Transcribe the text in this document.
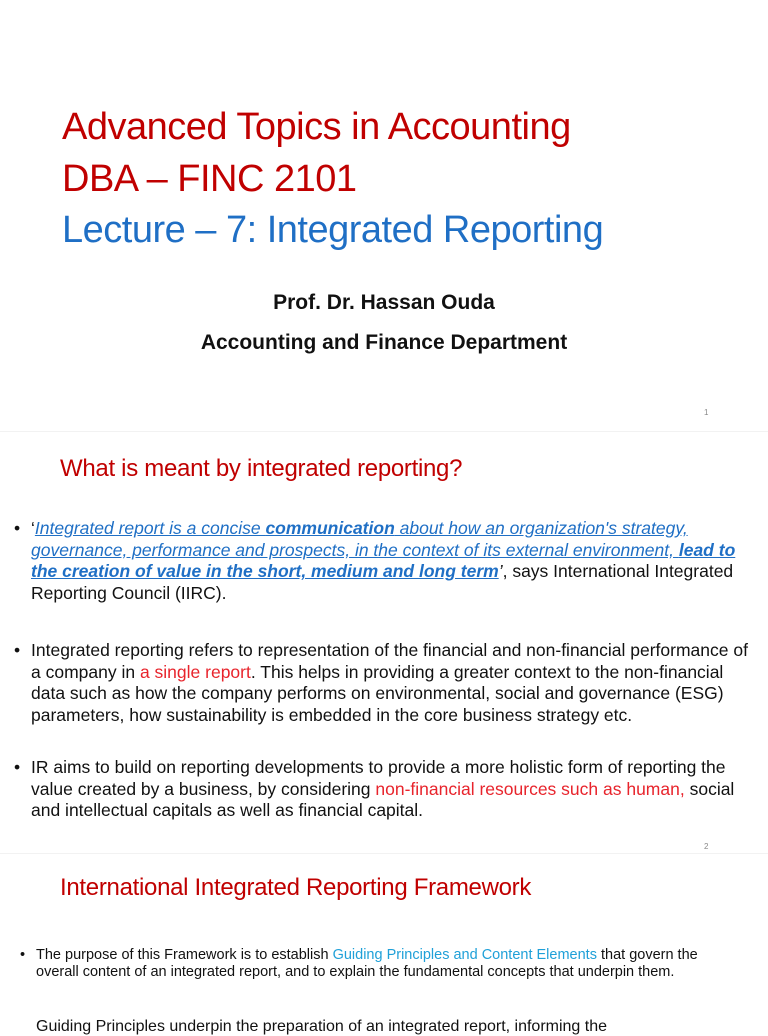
Advanced Topics in Accounting
DBA – FINC 2101
Lecture – 7: Integrated Reporting
Prof. Dr. Hassan Ouda
Accounting and Finance Department
1
What is meant by integrated reporting?
• ‘Integrated report is a concise communication about how an organization's strategy, governance, performance and prospects, in the context of its external environment, lead to the creation of value in the short, medium and long term’, says International Integrated Reporting Council (IIRC).
• Integrated reporting refers to representation of the financial and non-financial performance of a company in a single report. This helps in providing a greater context to the non-financial data such as how the company performs on environmental, social and governance (ESG) parameters, how sustainability is embedded in the core business strategy etc.
• IR aims to build on reporting developments to provide a more holistic form of reporting the value created by a business, by considering non-financial resources such as human, social and intellectual capitals as well as financial capital.
2
International Integrated Reporting Framework
• The purpose of this Framework is to establish Guiding Principles and Content Elements that govern the overall content of an integrated report, and to explain the fundamental concepts that underpin them.
Guiding Principles underpin the preparation of an integrated report, informing the
